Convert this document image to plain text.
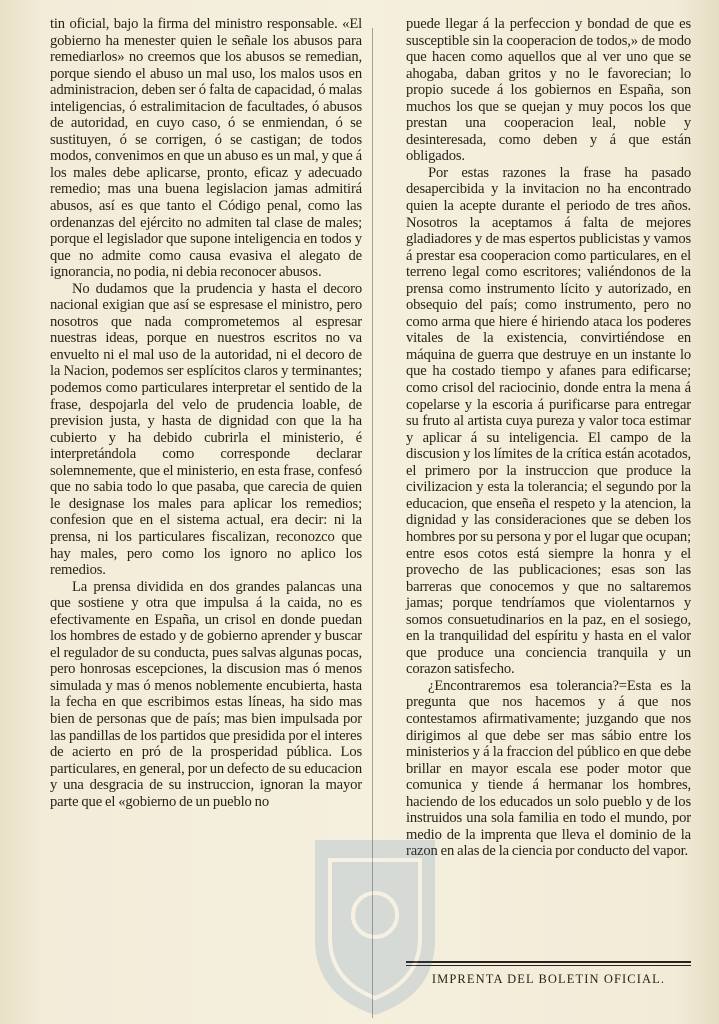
tin oficial, bajo la firma del ministro responsable. «El gobierno ha menester quien le señale los abusos para remediarlos» no creemos que los abusos se remedian, porque siendo el abuso un mal uso, los malos usos en administracion, deben ser ó falta de capacidad, ó malas inteligencias, ó estralimitacion de facultades, ó abusos de autoridad, en cuyo caso, ó se enmiendan, ó se sustituyen, ó se corrigen, ó se castigan; de todos modos, convenimos en que un abuso es un mal, y que á los males debe aplicarse, pronto, eficaz y adecuado remedio; mas una buena legislacion jamas admitirá abusos, así es que tanto el Código penal, como las ordenanzas del ejército no admiten tal clase de males; porque el legislador que supone inteligencia en todos y que no admite como causa evasiva el alegato de ignorancia, no podia, ni debia reconocer abusos.

No dudamos que la prudencia y hasta el decoro nacional exigian que así se espresase el ministro, pero nosotros que nada comprometemos al espresar nuestras ideas, porque en nuestros escritos no va envuelto ni el mal uso de la autoridad, ni el decoro de la Nacion, podemos ser esplícitos claros y terminantes; podemos como particulares interpretar el sentido de la frase, despojarla del velo de prudencia loable, de prevision justa, y hasta de dignidad con que la ha cubierto y ha debido cubrirla el ministerio, é interpretándola como corresponde declarar solemnemente, que el ministerio, en esta frase, confesó que no sabia todo lo que pasaba, que carecia de quien le designase los males para aplicar los remedios; confesion que en el sistema actual, era decir: ni la prensa, ni los particulares fiscalizan, reconozco que hay males, pero como los ignoro no aplico los remedios.

La prensa dividida en dos grandes palancas una que sostiene y otra que impulsa á la caida, no es efectivamente en España, un crisol en donde puedan los hombres de estado y de gobierno aprender y buscar el regulador de su conducta, pues salvas algunas pocas, pero honrosas escepciones, la discusion mas ó menos simulada y mas ó menos noblemente encubierta, hasta la fecha en que escribimos estas líneas, ha sido mas bien de personas que de país; mas bien impulsada por las pandillas de los partidos que presidida por el interes de acierto en pró de la prosperidad pública. Los particulares, en general, por un defecto de su educacion y una desgracia de su instruccion, ignoran la mayor parte que el «gobierno de un pueblo no

puede llegar á la perfeccion y bondad de que es susceptible sin la cooperacion de todos,» de modo que hacen como aquellos que al ver uno que se ahogaba, daban gritos y no le favorecian; lo propio sucede á los gobiernos en España, son muchos los que se quejan y muy pocos los que prestan una cooperacion leal, noble y desinteresada, como deben y á que están obligados.

Por estas razones la frase ha pasado desapercibida y la invitacion no ha encontrado quien la acepte durante el periodo de tres años. Nosotros la aceptamos á falta de mejores gladiadores y de mas espertos publicistas y vamos á prestar esa cooperacion como particulares, en el terreno legal como escritores; valiéndonos de la prensa como instrumento lícito y autorizado, en obsequio del país; como instrumento, pero no como arma que hiere é hiriendo ataca los poderes vitales de la existencia, convirtiéndose en máquina de guerra que destruye en un instante lo que ha costado tiempo y afanes para edificarse; como crisol del raciocinio, donde entra la mena á copelarse y la escoria á purificarse para entregar su fruto al artista cuya pureza y valor toca estimar y aplicar á su inteligencia. El campo de la discusion y los límites de la crítica están acotados, el primero por la instruccion que produce la civilizacion y esta la tolerancia; el segundo por la educacion, que enseña el respeto y la atencion, la dignidad y las consideraciones que se deben los hombres por su persona y por el lugar que ocupan; entre esos cotos está siempre la honra y el provecho de las publicaciones; esas son las barreras que conocemos y que no saltaremos jamas; porque tendríamos que violentarnos y somos consuetudinarios en la paz, en el sosiego, en la tranquilidad del espíritu y hasta en el valor que produce una conciencia tranquila y un corazon satisfecho.

¿Encontraremos esa tolerancia?=Esta es la pregunta que nos hacemos y á que nos contestamos afirmativamente; juzgando que nos dirigimos al que debe ser mas sábio entre los ministerios y á la fraccion del público en que debe brillar en mayor escala ese poder motor que comunica y tiende á hermanar los hombres, haciendo de los educados un solo pueblo y de los instruidos una sola familia en todo el mundo, por medio de la imprenta que lleva el dominio de la razon en alas de la ciencia por conducto del vapor.

IMPRENTA DEL BOLETIN OFICIAL.
